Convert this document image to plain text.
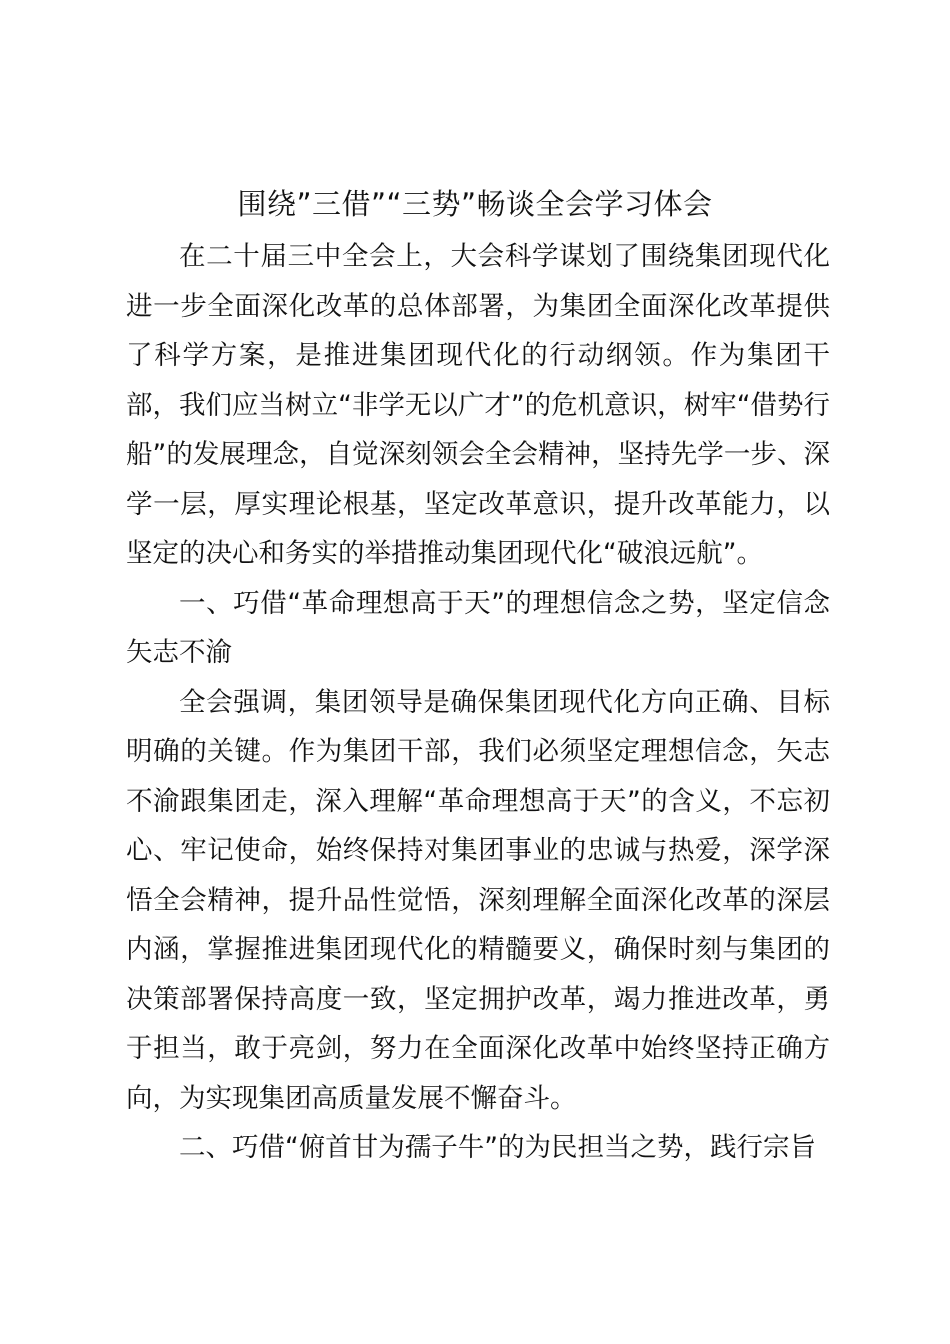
围绕”三借”“三势”畅谈全会学习体会

在二十届三中全会上，大会科学谋划了围绕集团现代化进一步全面深化改革的总体部署，为集团全面深化改革提供了科学方案，是推进集团现代化的行动纲领。作为集团干部，我们应当树立“非学无以广才”的危机意识，树牢“借势行船”的发展理念，自觉深刻领会全会精神，坚持先学一步、深学一层，厚实理论根基，坚定改革意识，提升改革能力，以坚定的决心和务实的举措推动集团现代化“破浪远航”。

一、巧借“革命理想高于天”的理想信念之势，坚定信念矢志不渝

全会强调，集团领导是确保集团现代化方向正确、目标明确的关键。作为集团干部，我们必须坚定理想信念，矢志不渝跟集团走，深入理解“革命理想高于天”的含义，不忘初心、牢记使命，始终保持对集团事业的忠诚与热爱，深学深悟全会精神，提升品性觉悟，深刻理解全面深化改革的深层内涵，掌握推进集团现代化的精髓要义，确保时刻与集团的决策部署保持高度一致，坚定拥护改革，竭力推进改革，勇于担当，敢于亮剑，努力在全面深化改革中始终坚持正确方向，为实现集团高质量发展不懈奋斗。

二、巧借“俯首甘为孺子牛”的为民担当之势，践行宗旨
